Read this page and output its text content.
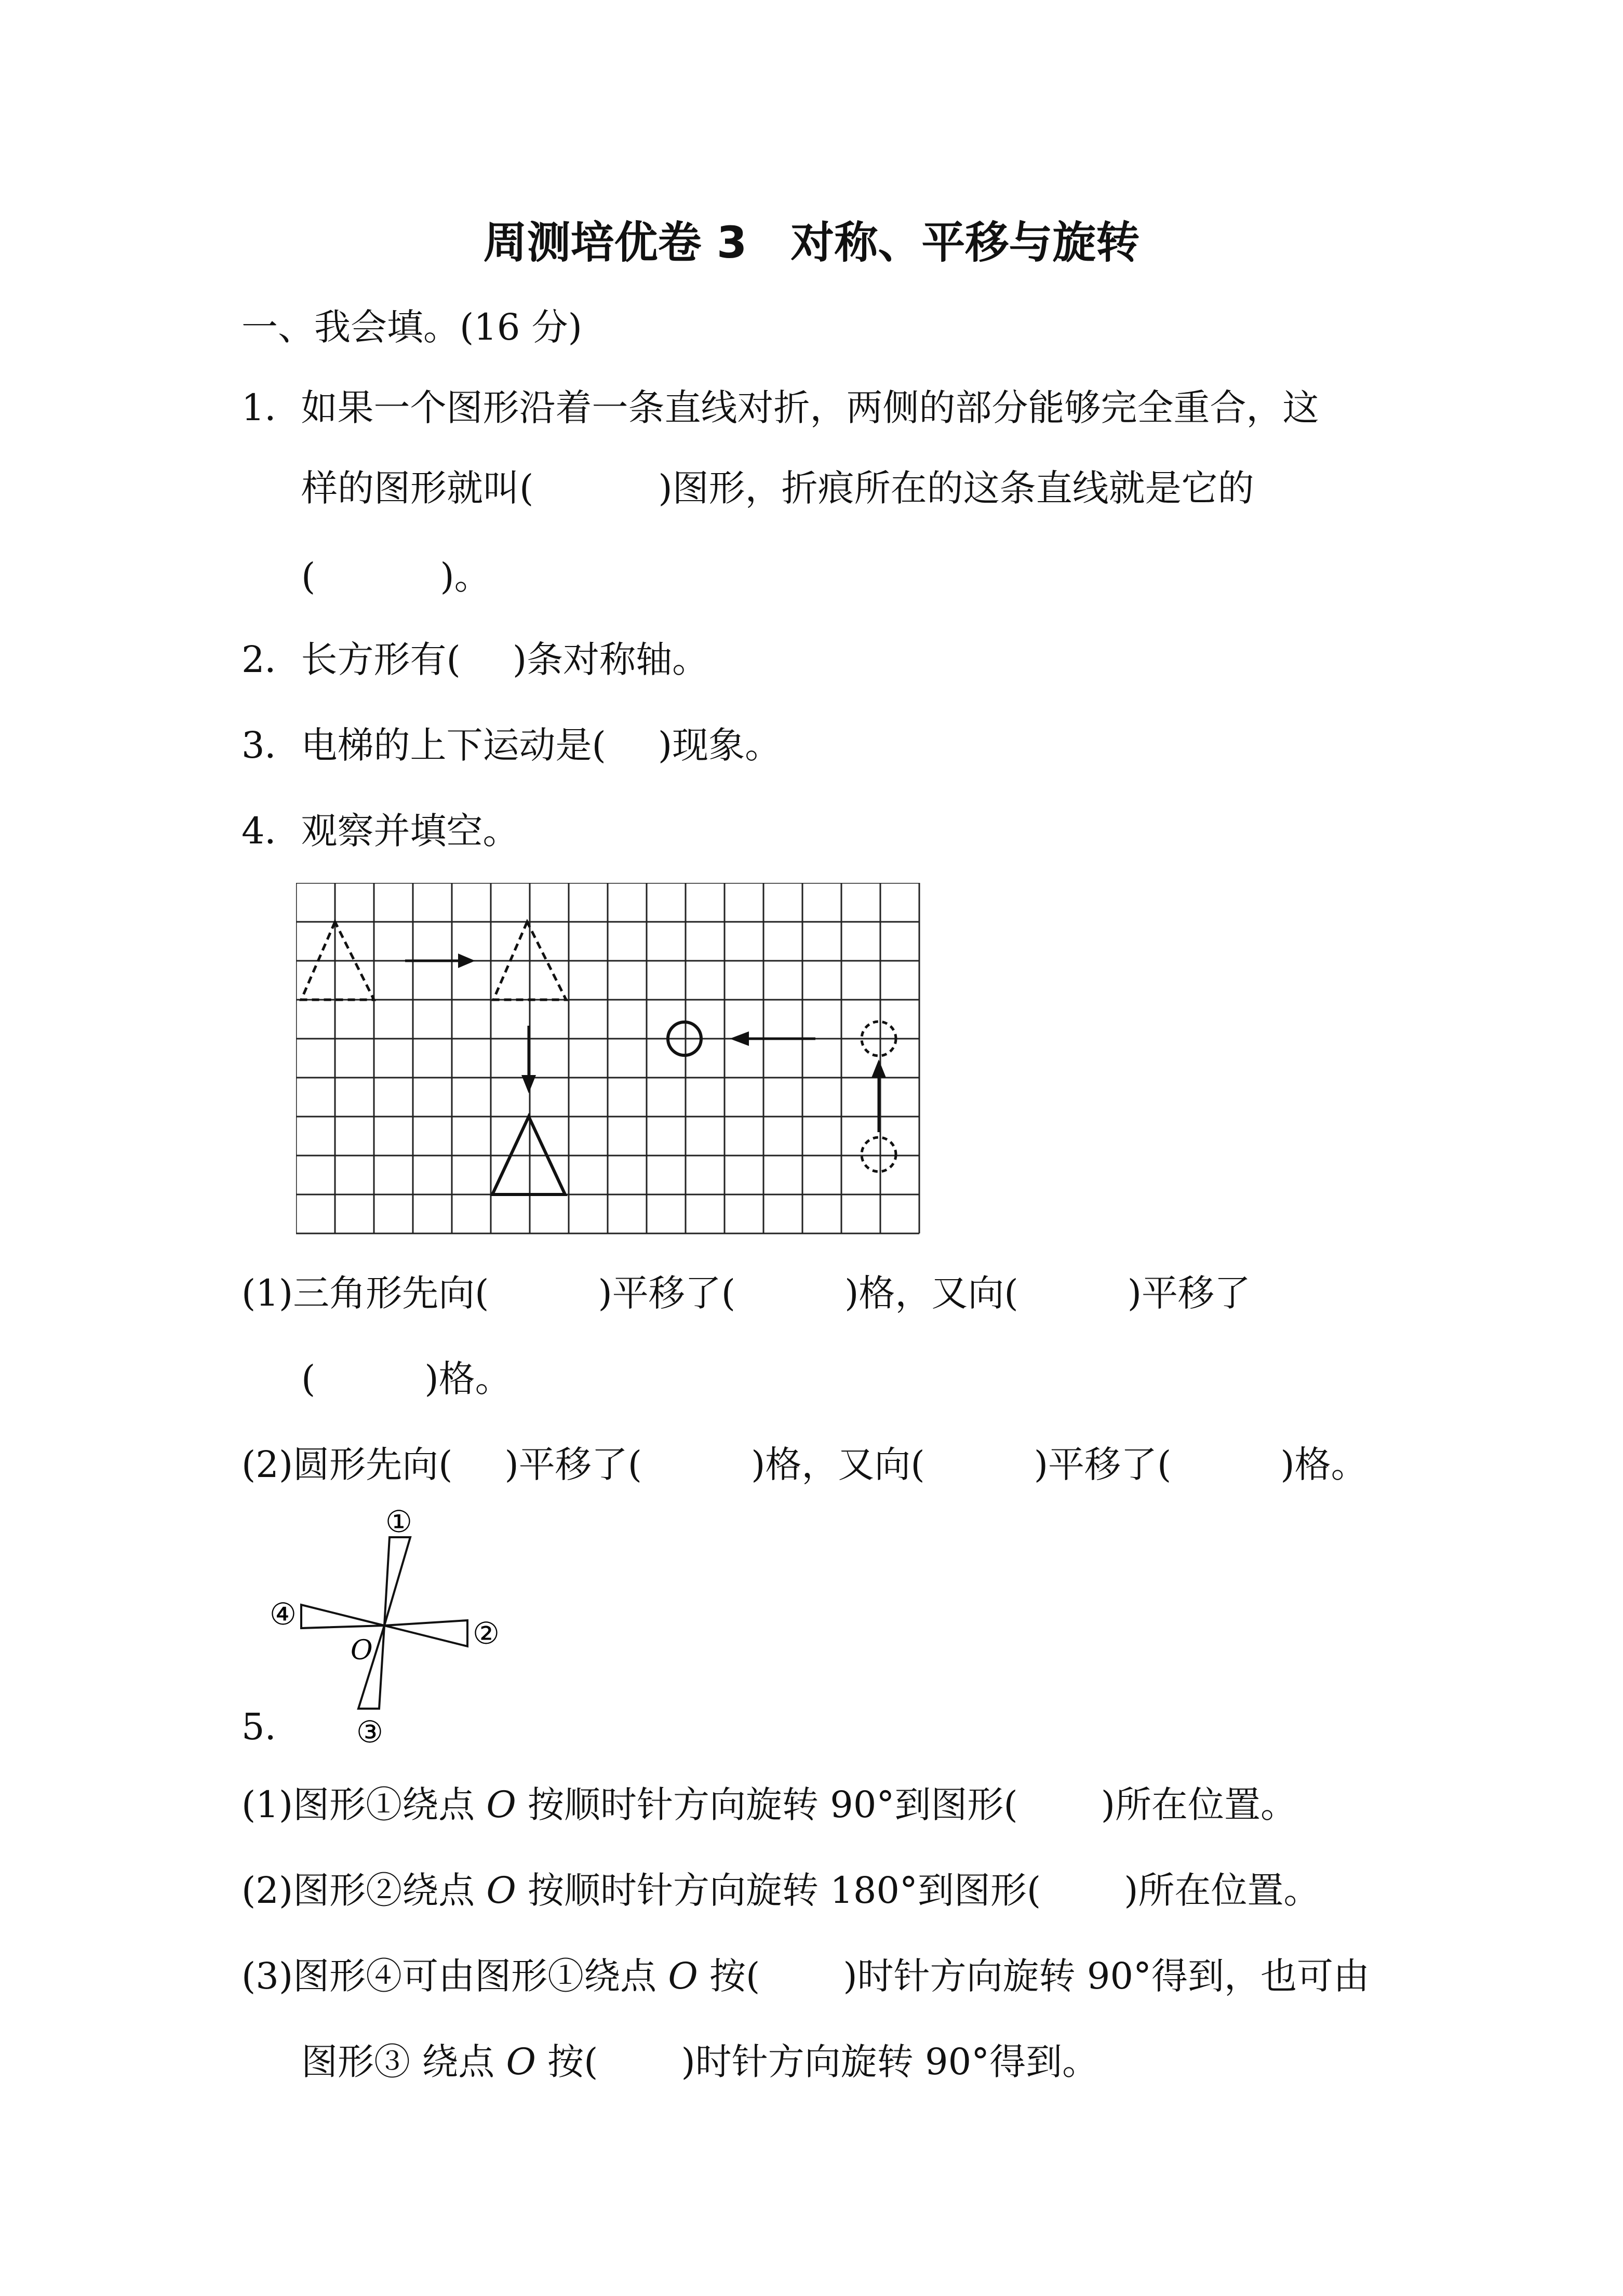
周测培优卷 3　对称、平移与旋转
一、我会填。(16 分)
1．如果一个图形沿着一条直线对折，两侧的部分能够完全重合，这
样的图形就叫(	)图形，折痕所在的这条直线就是它的
(	)。
2．长方形有( )条对称轴。
3．电梯的上下运动是( )现象。
4．观察并填空。
(1)三角形先向(	)平移了(	)格，又向(	)平移了
(	)格。
(2)圆形先向( )平移了(	)格，又向(	)平移了(	)格。
①
②
③
④
O
5.
(1)图形①绕点 O 按顺时针方向旋转 90°到图形( )所在位置。
(2)图形②绕点 O 按顺时针方向旋转 180°到图形( )所在位置。
(3)图形④可由图形①绕点 O 按( )时针方向旋转 90°得到，也可由
图形③ 绕点 O 按( )时针方向旋转 90°得到。
